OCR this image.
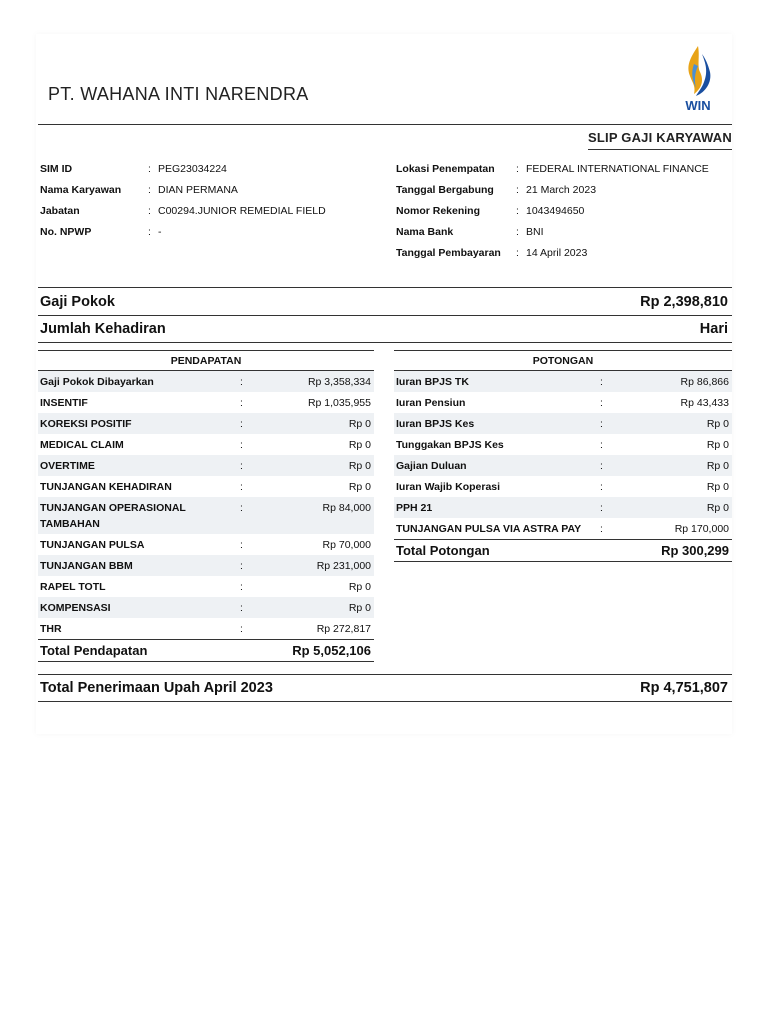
PT. WAHANA INTI NARENDRA
WIN
SLIP GAJI KARYAWAN
SIM ID	: PEG23034224
Nama Karyawan	: DIAN PERMANA
Jabatan	: C00294.JUNIOR REMEDIAL FIELD
No. NPWP	: -
Lokasi Penempatan	: FEDERAL INTERNATIONAL FINANCE
Tanggal Bergabung	: 21 March 2023
Nomor Rekening	: 1043494650
Nama Bank	: BNI
Tanggal Pembayaran	: 14 April 2023
Gaji Pokok	Rp 2,398,810
Jumlah Kehadiran	Hari
PENDAPATAN
Gaji Pokok Dibayarkan	:	Rp 3,358,334
INSENTIF	:	Rp 1,035,955
KOREKSI POSITIF	:	Rp 0
MEDICAL CLAIM	:	Rp 0
OVERTIME	:	Rp 0
TUNJANGAN KEHADIRAN	:	Rp 0
TUNJANGAN OPERASIONAL TAMBAHAN
:	Rp 84,000
TUNJANGAN PULSA	:	Rp 70,000
TUNJANGAN BBM	:	Rp 231,000
RAPEL TOTL	:	Rp 0
KOMPENSASI	:	Rp 0
THR	:	Rp 272,817
Total Pendapatan	Rp 5,052,106
POTONGAN
Iuran BPJS TK	:	Rp 86,866
Iuran Pensiun	:	Rp 43,433
Iuran BPJS Kes	:	Rp 0
Tunggakan BPJS Kes	:	Rp 0
Gajian Duluan	:	Rp 0
Iuran Wajib Koperasi	:	Rp 0
PPH 21	:	Rp 0
TUNJANGAN PULSA VIA ASTRA PAY	:	Rp 170,000
Total Potongan	Rp 300,299
Total Penerimaan Upah April 2023	Rp 4,751,807
